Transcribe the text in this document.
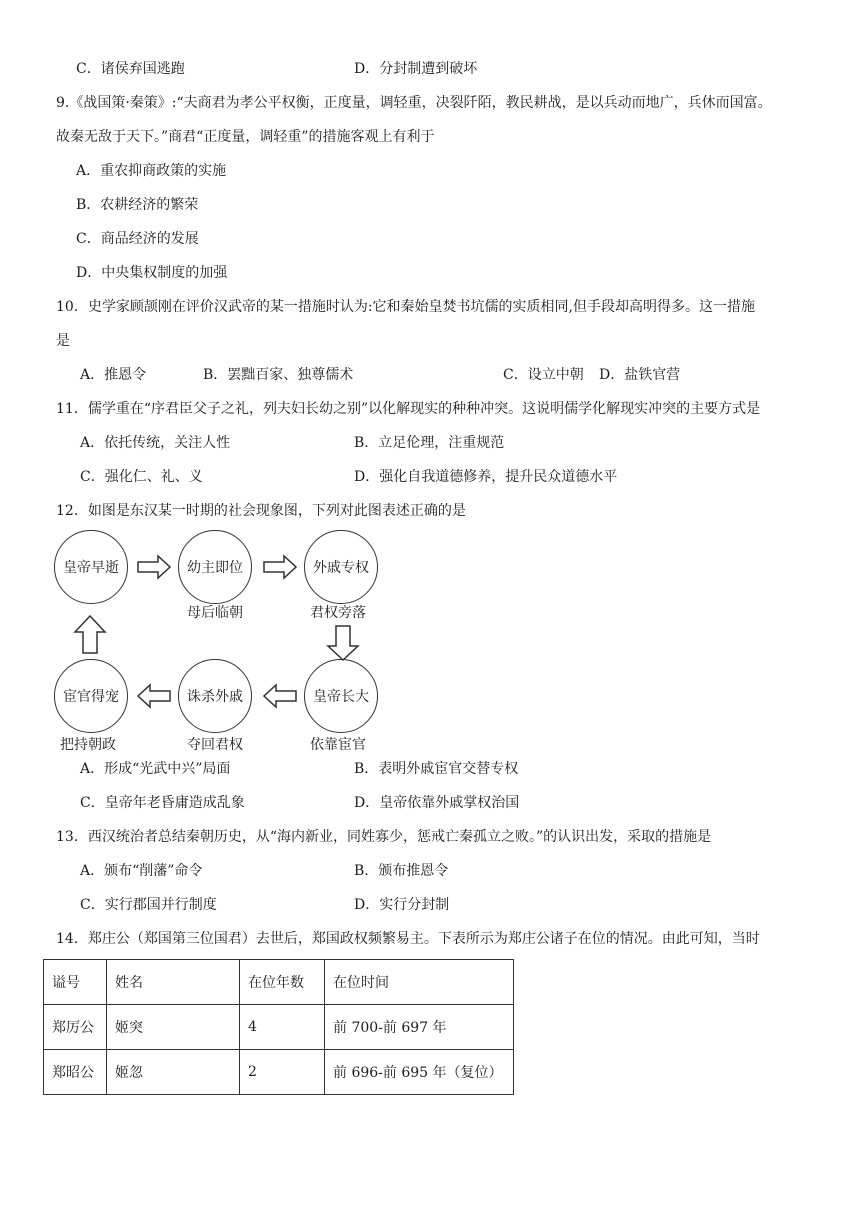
C．诸侯弃国逃跑	D．分封制遭到破坏
9.《战国策·秦策》:“夫商君为孝公平权衡，正度量，调轻重，决裂阡陌，教民耕战，是以兵动而地广，兵休而国富。
故秦无敌于天下。”商君“正度量，调轻重”的措施客观上有利于
A．重农抑商政策的实施
B．农耕经济的繁荣
C．商品经济的发展
D．中央集权制度的加强
10．史学家顾颉刚在评价汉武帝的某一措施时认为:它和秦始皇焚书坑儒的实质相同,但手段却高明得多。这一措施
是
A．推恩令	B．罢黜百家、独尊儒术	C．设立中朝 D．盐铁官营
11．儒学重在“序君臣父子之礼，列夫妇长幼之别”以化解现实的种种冲突。这说明儒学化解现实冲突的主要方式是
A．依托传统，关注人性	B．立足伦理，注重规范
C．强化仁、礼、义	D．强化自我道德修养，提升民众道德水平
12．如图是东汉某一时期的社会现象图，下列对此图表述正确的是
皇帝早逝	幼主即位
母后临朝
外戚专权
君权旁落
皇帝长大
依靠宦官
诛杀外戚
夺回君权
宦官得宠
把持朝政
A．形成“光武中兴”局面	B．表明外戚宦官交替专权
C．皇帝年老昏庸造成乱象	D．皇帝依靠外戚掌权治国
13．西汉统治者总结秦朝历史，从“海内新业，同姓寡少，惩戒亡秦孤立之败。”的认识出发，采取的措施是
A．颁布“削藩”命令	B．颁布推恩令
C．实行郡国并行制度	D．实行分封制
14．郑庄公（郑国第三位国君）去世后，郑国政权频繁易主。下表所示为郑庄公诸子在位的情况。由此可知，当时
谥号	姓名	在位年数	在位时间
郑厉公	姬突	4	前 700-前 697 年
郑昭公	姬忽	2	前 696-前 695 年（复位）
